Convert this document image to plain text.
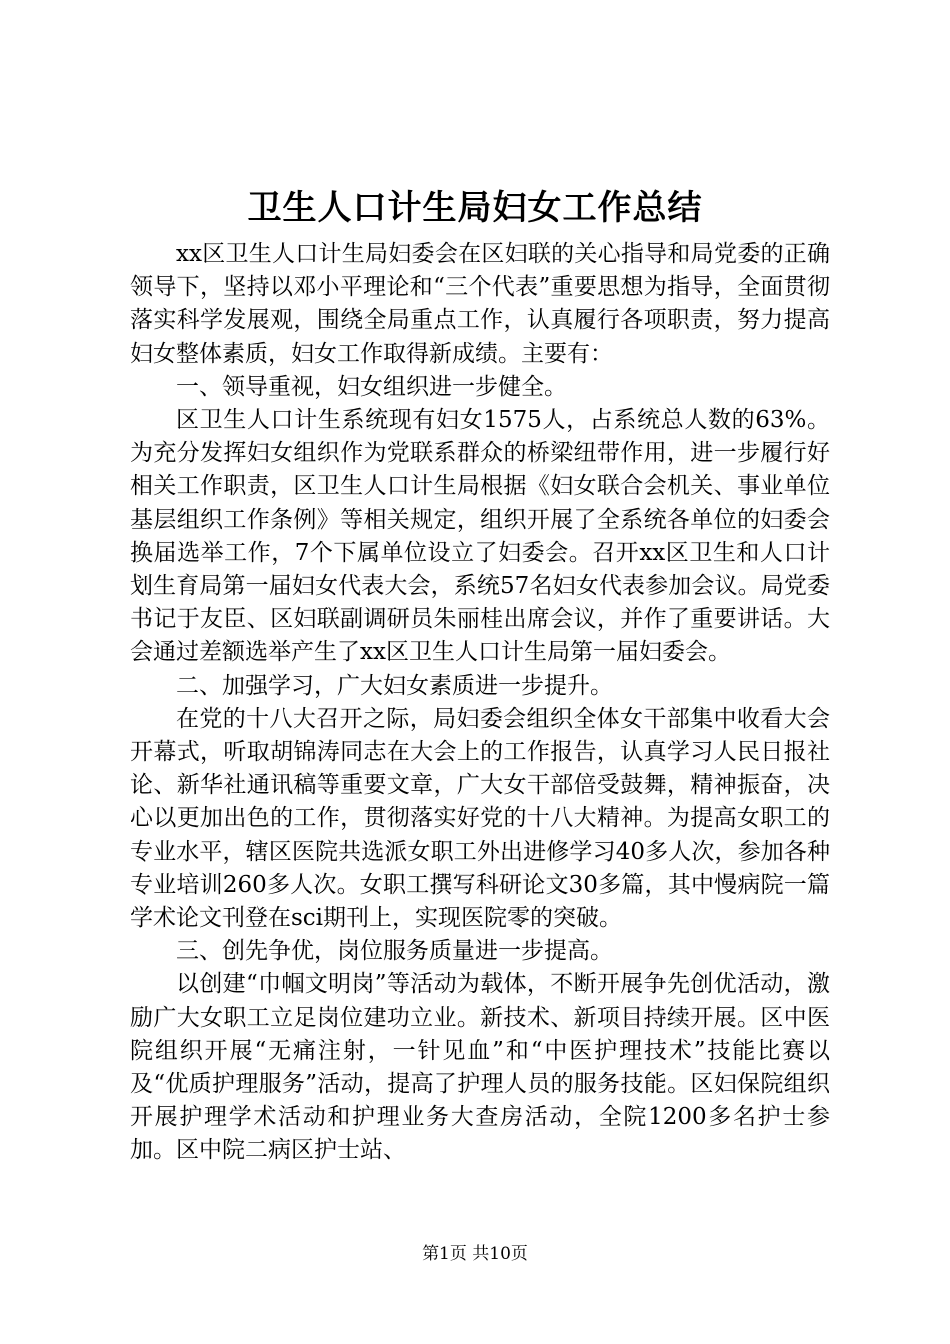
卫生人口计生局妇女工作总结

xx区卫生人口计生局妇委会在区妇联的关心指导和局党委的正确领导下，坚持以邓小平理论和“三个代表”重要思想为指导，全面贯彻落实科学发展观，围绕全局重点工作，认真履行各项职责，努力提高妇女整体素质，妇女工作取得新成绩。主要有：

一、领导重视，妇女组织进一步健全。

区卫生人口计生系统现有妇女1575人，占系统总人数的63%。为充分发挥妇女组织作为党联系群众的桥梁纽带作用，进一步履行好相关工作职责，区卫生人口计生局根据《妇女联合会机关、事业单位基层组织工作条例》等相关规定，组织开展了全系统各单位的妇委会换届选举工作，7个下属单位设立了妇委会。召开xx区卫生和人口计划生育局第一届妇女代表大会，系统57名妇女代表参加会议。局党委书记于友臣、区妇联副调研员朱丽桂出席会议，并作了重要讲话。大会通过差额选举产生了xx区卫生人口计生局第一届妇委会。

二、加强学习，广大妇女素质进一步提升。

在党的十八大召开之际，局妇委会组织全体女干部集中收看大会开幕式，听取胡锦涛同志在大会上的工作报告，认真学习人民日报社论、新华社通讯稿等重要文章，广大女干部倍受鼓舞，精神振奋，决心以更加出色的工作，贯彻落实好党的十八大精神。为提高女职工的专业水平，辖区医院共选派女职工外出进修学习40多人次，参加各种专业培训260多人次。女职工撰写科研论文30多篇，其中慢病院一篇学术论文刊登在sci期刊上，实现医院零的突破。

三、创先争优，岗位服务质量进一步提高。

以创建“巾帼文明岗”等活动为载体，不断开展争先创优活动，激励广大女职工立足岗位建功立业。新技术、新项目持续开展。区中医院组织开展“无痛注射，一针见血”和“中医护理技术”技能比赛以及“优质护理服务”活动，提高了护理人员的服务技能。区妇保院组织开展护理学术活动和护理业务大查房活动，全院1200多名护士参加。区中院二病区护士站、

第1页 共10页
